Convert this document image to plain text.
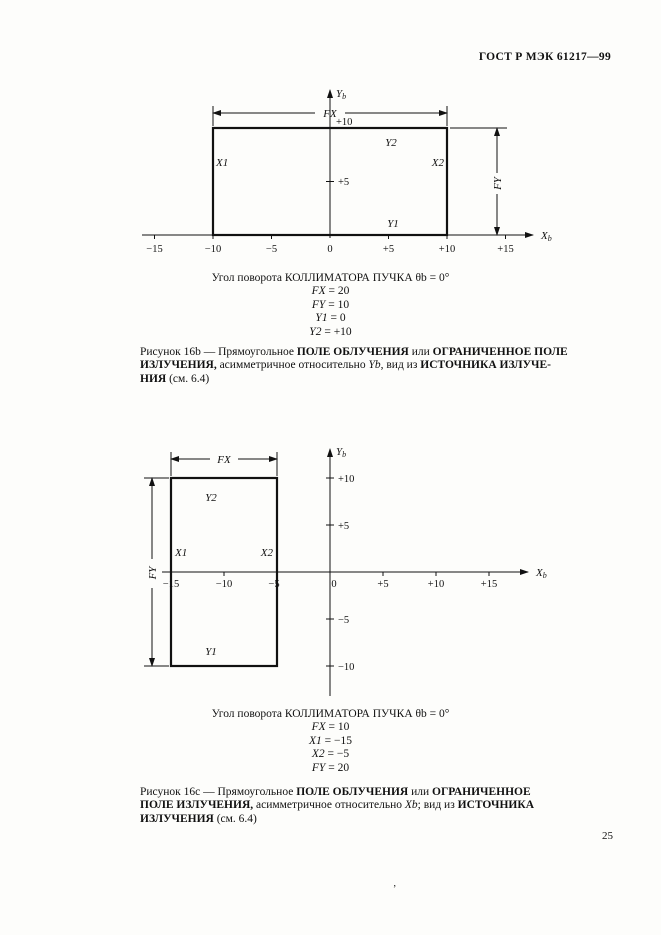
ГОСТ Р МЭК 61217—99
Yb
Xb
FX
FY
+10
+5
X1
Y2
X2
Y1
−15	−10	−5	0	+5	+10	+15
Угол поворота КОЛЛИМАТОРА ПУЧКА θb = 0°
FX = 20
FY = 10
Y1 = 0
Y2 = +10
Рисунок 16b — Прямоугольное ПОЛЕ ОБЛУЧЕНИЯ или ОГРАНИЧЕННОЕ ПОЛЕ
ИЗЛУЧЕНИЯ, асимметричное относительно Yb, вид из ИСТОЧНИКА ИЗЛУЧЕ-
НИЯ (см. 6.4)
Yb
Xb
FX
FY
+10
+5
−5
−10
Y2
X1	X2
Y1
−15	−10	−5	0	+5	+10	+15
Угол поворота КОЛЛИМАТОРА ПУЧКА θb = 0°
FX = 10
X1 = −15
X2 = −5
FY = 20
Рисунок 16c — Прямоугольное ПОЛЕ ОБЛУЧЕНИЯ или ОГРАНИЧЕННОЕ
ПОЛЕ ИЗЛУЧЕНИЯ, асимметричное относительно Xb; вид из ИСТОЧНИКА
ИЗЛУЧЕНИЯ (см. 6.4)
25
’
